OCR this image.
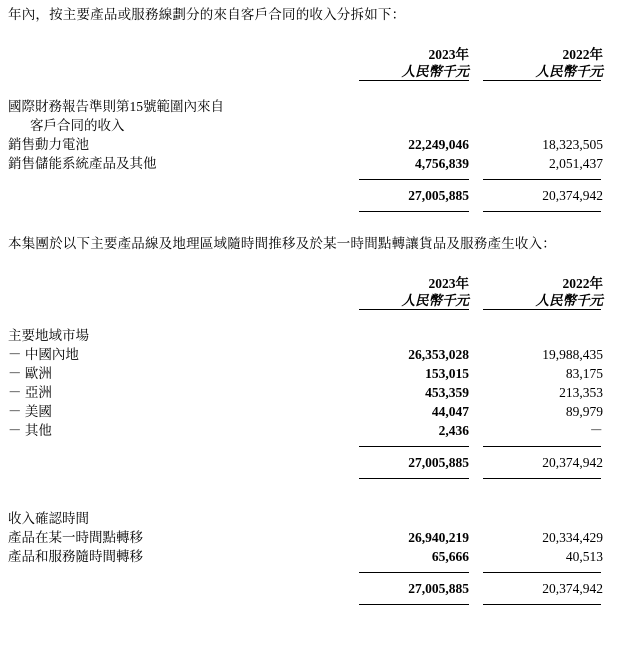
年內，按主要產品或服務線劃分的來自客戶合同的收入分拆如下：

	2023年	2022年
	人民幣千元	人民幣千元

國際財務報告準則第15號範圍內來自		
客戶合同的收入		
銷售動力電池	22,249,046	18,323,505
銷售儲能系統產品及其他	4,756,839	2,051,437

	27,005,885	20,374,942

本集團於以下主要產品線及地理區域隨時間推移及於某一時間點轉讓貨品及服務產生收入：

	2023年	2022年
	人民幣千元	人民幣千元

主要地域市場		
－ 中國內地	26,353,028	19,988,435
－ 歐洲	153,015	83,175
－ 亞洲	453,359	213,353
－ 美國	44,047	89,979
－ 其他	2,436	－

	27,005,885	20,374,942

收入確認時間		
產品在某一時間點轉移	26,940,219	20,334,429
產品和服務隨時間轉移	65,666	40,513

	27,005,885	20,374,942
